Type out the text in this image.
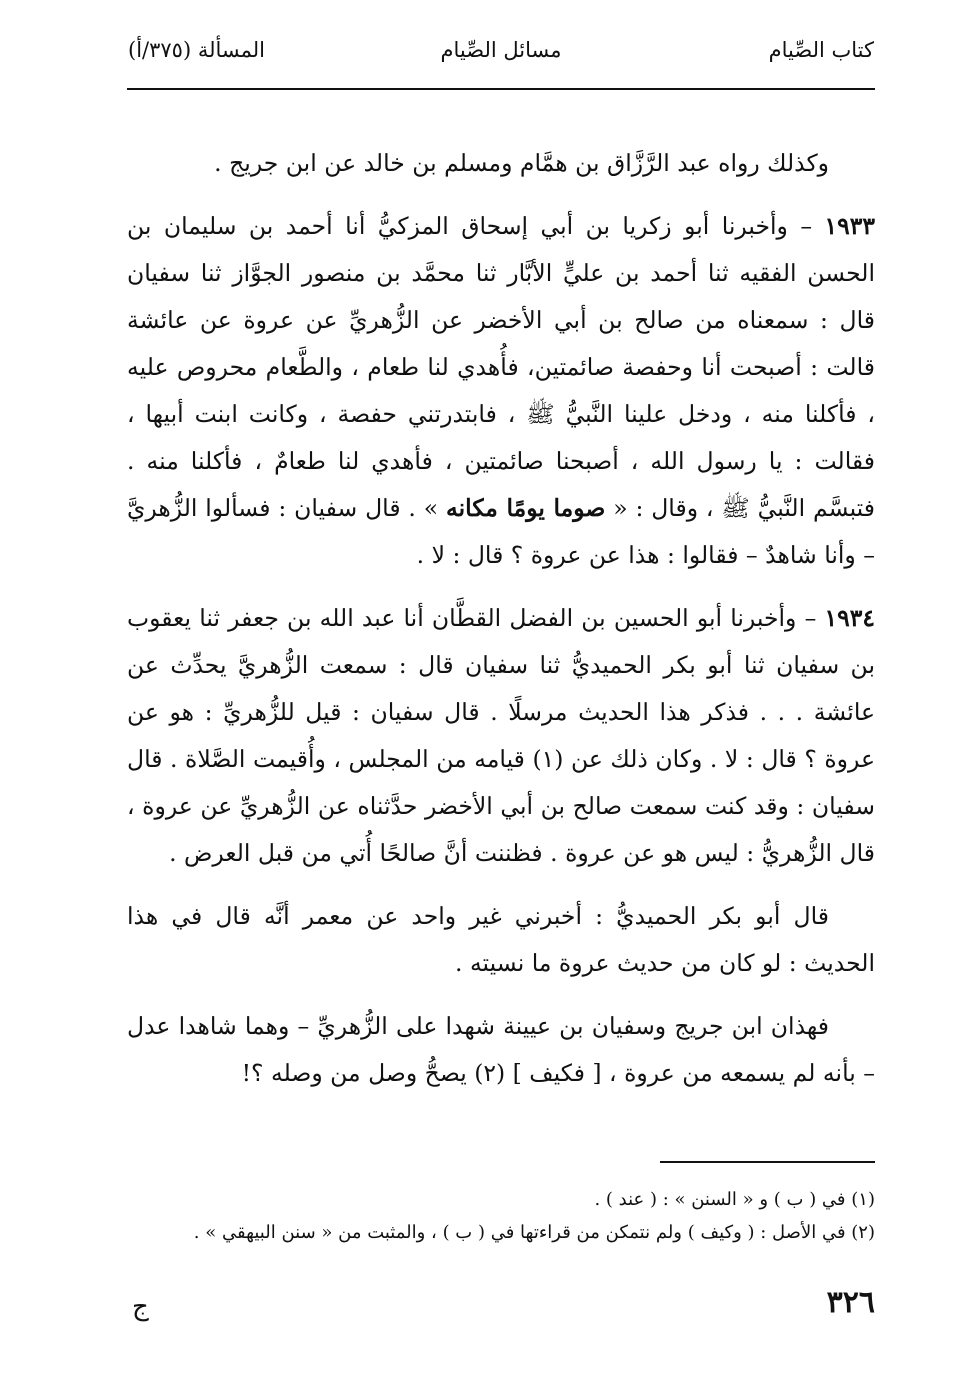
كتاب الصِّيام
مسائل الصِّيام
المسألة (٣٧٥/أ)

وكذلك رواه عبد الرَّزَّاق بن همَّام ومسلم بن خالد عن ابن جريج .

١٩٣٣ – وأخبرنا أبو زكريا بن أبي إسحاق المزكيُّ أنا أحمد بن سليمان بن الحسن الفقيه ثنا أحمد بن عليٍّ الأبَّار ثنا محمَّد بن منصور الجوَّاز ثنا سفيان قال : سمعناه من صالح بن أبي الأخضر عن الزُّهريِّ عن عروة عن عائشة قالت : أصبحت أنا وحفصة صائمتين، فأُهدي لنا طعام ، والطَّعام محروص عليه ، فأكلنا منه ، ودخل علينا النَّبيُّ ﷺ ، فابتدرتني حفصة ، وكانت ابنت أبيها ، فقالت : يا رسول الله ، أصبحنا صائمتين ، فأهدي لنا طعامٌ ، فأكلنا منه . فتبسَّم النَّبيُّ ﷺ ، وقال : « صوما يومًا مكانه » . قال سفيان : فسألوا الزُّهريَّ – وأنا شاهدٌ – فقالوا : هذا عن عروة ؟ قال : لا .

١٩٣٤ – وأخبرنا أبو الحسين بن الفضل القطَّان أنا عبد الله بن جعفر ثنا يعقوب بن سفيان ثنا أبو بكر الحميديُّ ثنا سفيان قال : سمعت الزُّهريَّ يحدِّث عن عائشة . . . فذكر هذا الحديث مرسلًا . قال سفيان : قيل للزُّهريِّ : هو عن عروة ؟ قال : لا . وكان ذلك عن (١) قيامه من المجلس ، وأُقيمت الصَّلاة . قال سفيان : وقد كنت سمعت صالح بن أبي الأخضر حدَّثناه عن الزُّهريِّ عن عروة ، قال الزُّهريُّ : ليس هو عن عروة . فظننت أنَّ صالحًا أُتي من قبل العرض .

قال أبو بكر الحميديُّ : أخبرني غير واحد عن معمر أنَّه قال في هذا الحديث : لو كان من حديث عروة ما نسيته .

فهذان ابن جريج وسفيان بن عيينة شهدا على الزُّهريِّ – وهما شاهدا عدل – بأنه لم يسمعه من عروة ، [ فكيف ] (٢) يصحُّ وصل من وصله ؟!

(١) في ( ب ) و « السنن » : ( عند ) .

(٢) في الأصل : ( وكيف ) ولم نتمكن من قراءتها في ( ب ) ، والمثبت من « سنن البيهقي » .

٣٢٦
ج
